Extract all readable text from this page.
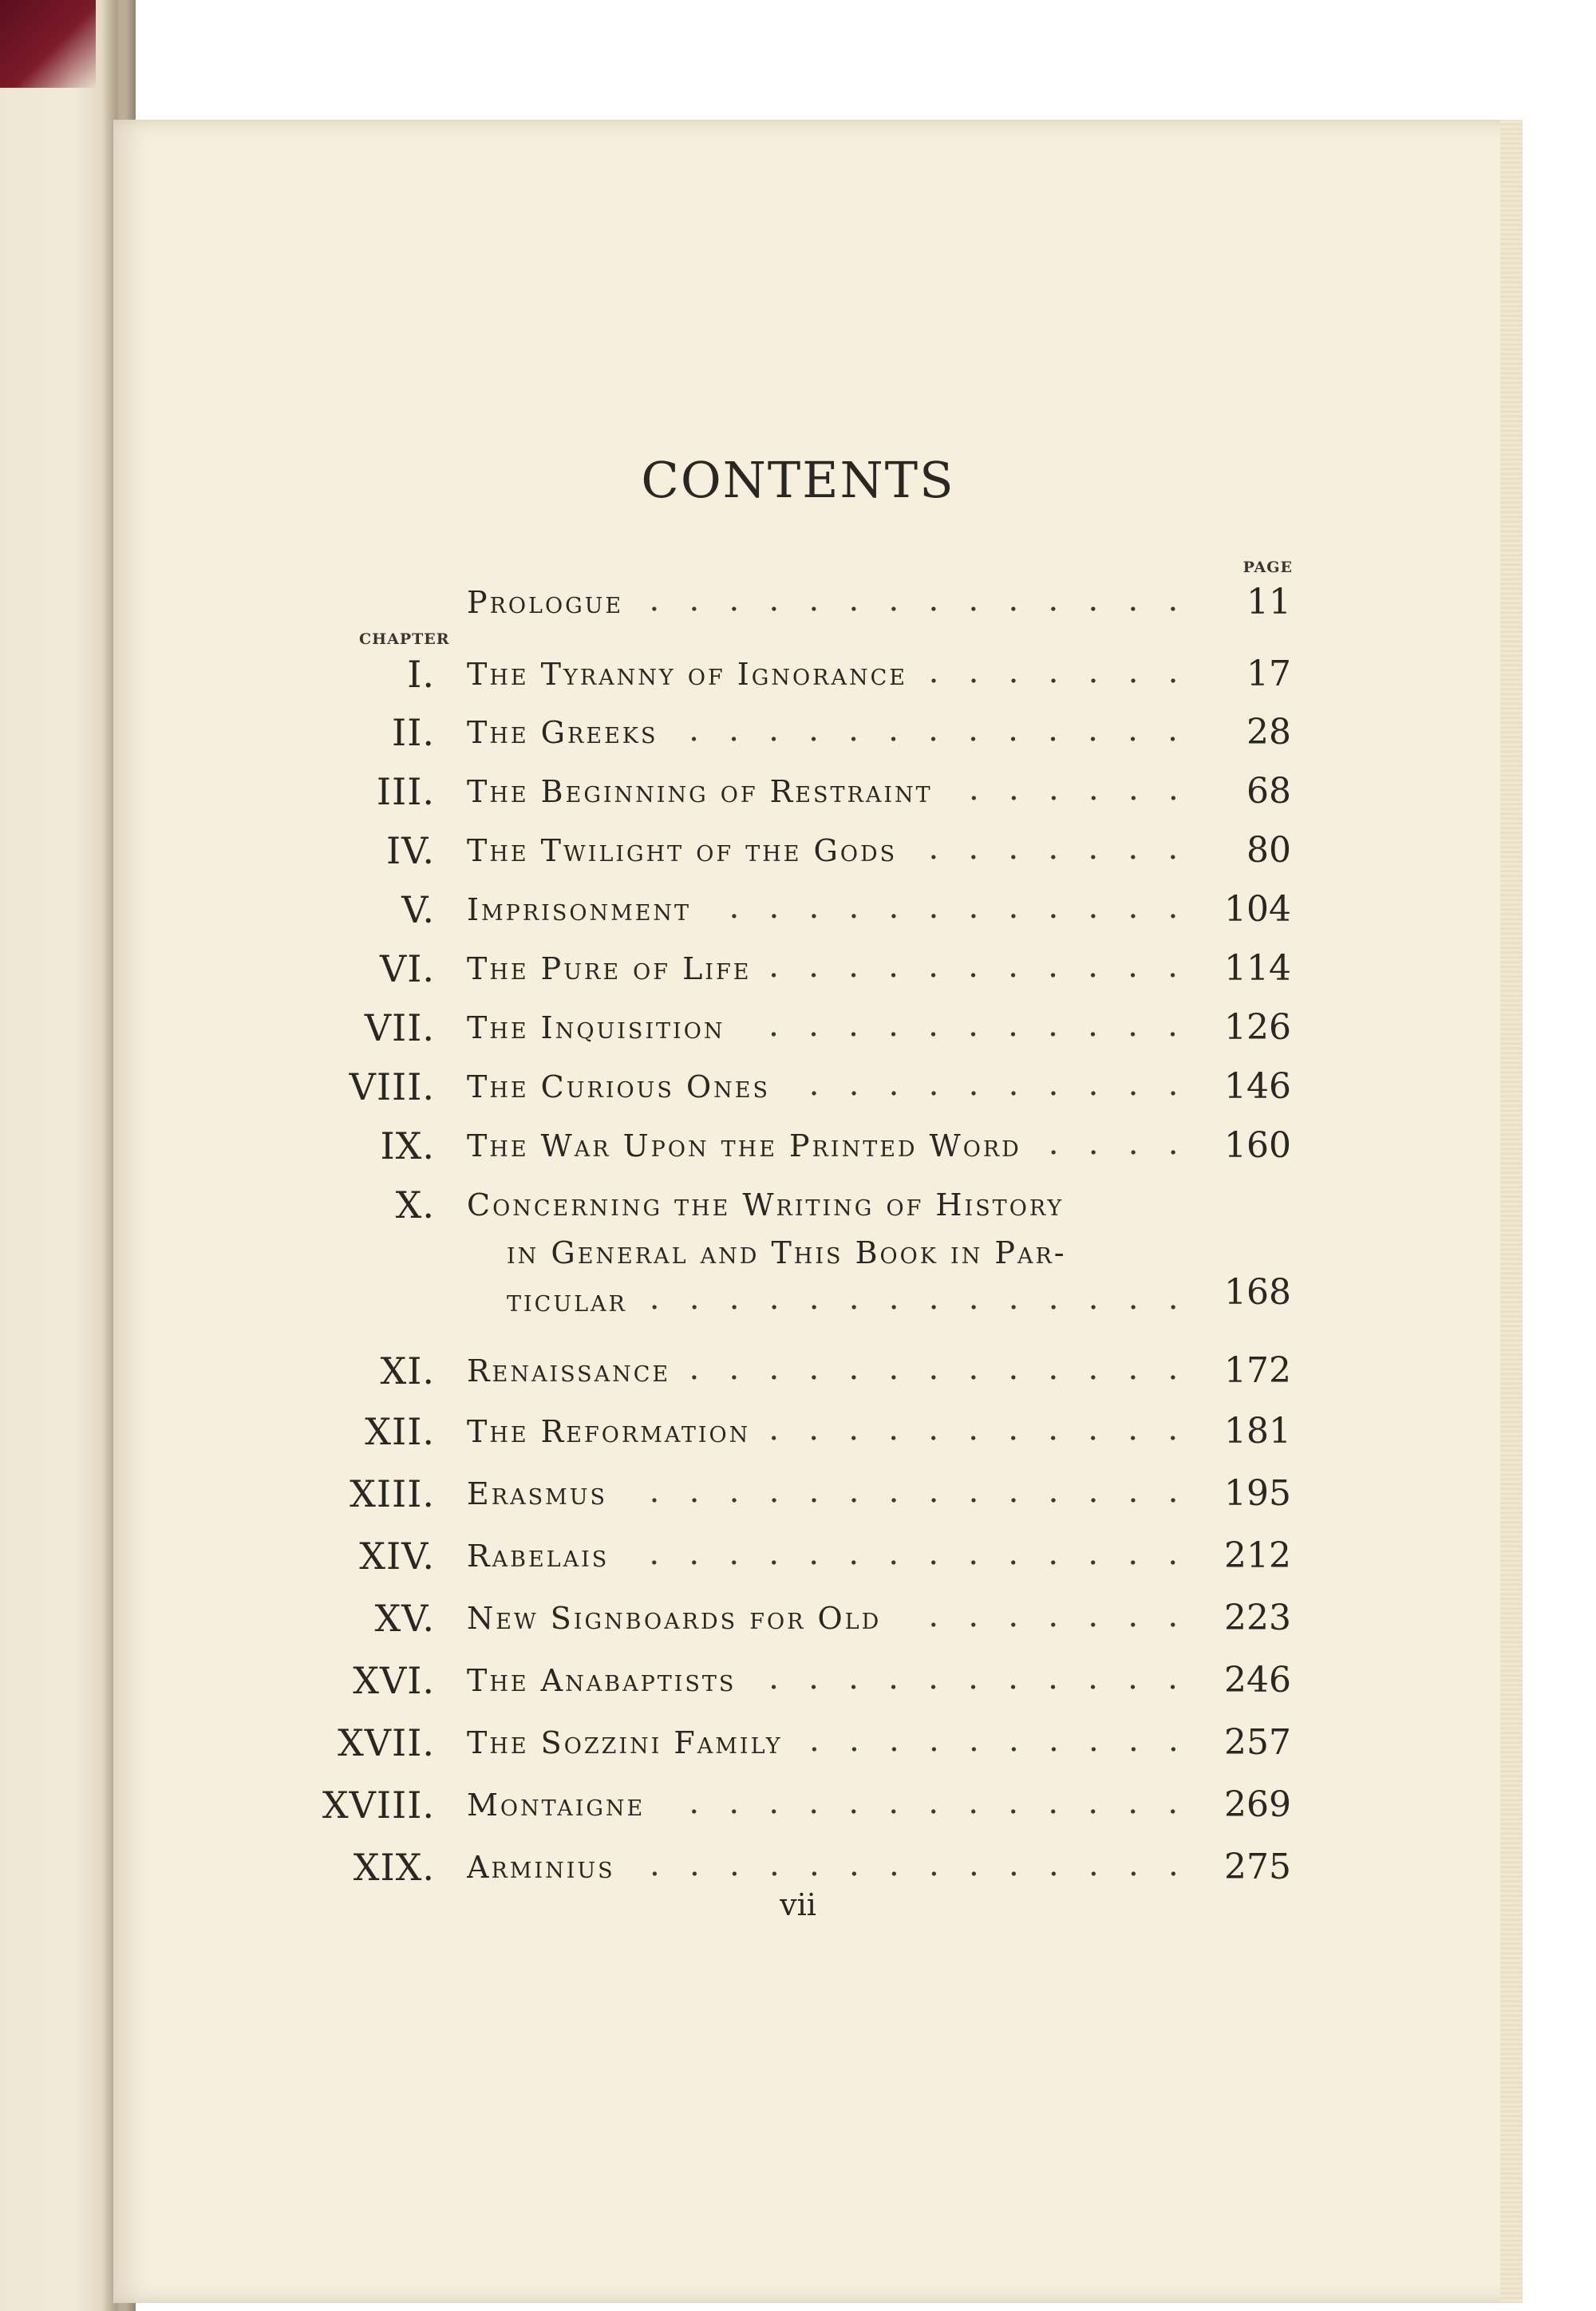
CONTENTS
PAGE
Prologue	11
CHAPTER
I. The Tyranny of Ignorance	17
II. The Greeks	28
III. The Beginning of Restraint	68
IV. The Twilight of the Gods	80
V. Imprisonment	104
VI. The Pure of Life	114
VII. The Inquisition	126
VIII. The Curious Ones	146
IX. The War Upon the Printed Word	160
X. Concerning the Writing of History
in General and This Book in Par-
ticular	168
XI. Renaissance	172
XII. The Reformation	181
XIII. Erasmus	195
XIV. Rabelais	212
XV. New Signboards for Old	223
XVI. The Anabaptists	246
XVII. The Sozzini Family	257
XVIII. Montaigne	269
XIX. Arminius	275
vii
